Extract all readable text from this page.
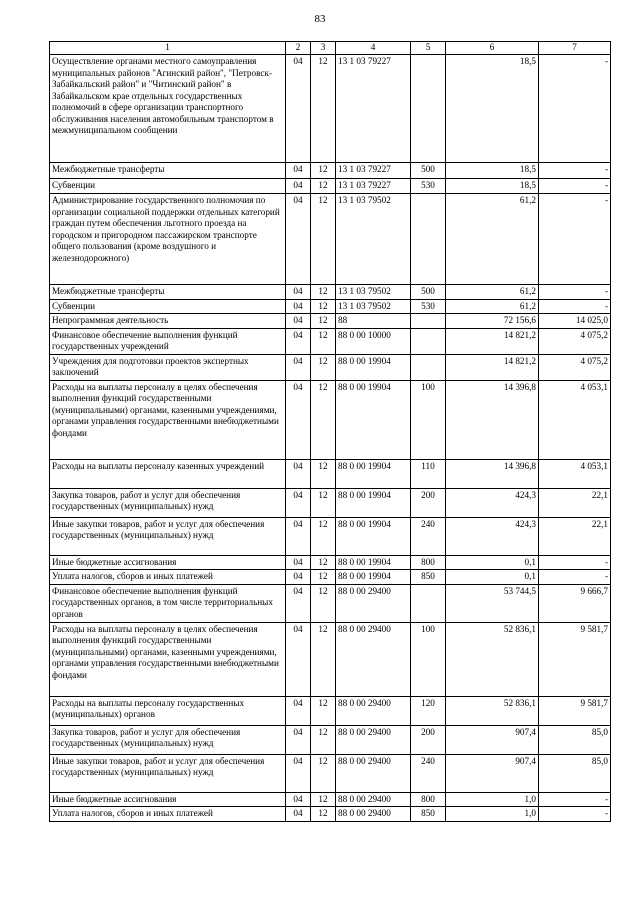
83
1	2	3	4	5	6	7
Осуществление органами местного самоуправления муниципальных районов "Агинский район", "Петровск-Забайкальский район" и "Читинский район" в Забайкальском крае отдельных государственных полномочий в сфере организации транспортного обслуживания населения автомобильным транспортом в межмуниципальном сообщении	04	12	13 1 03 79227		18,5	-
Межбюджетные трансферты	04	12	13 1 03 79227	500	18,5	-
Субвенции	04	12	13 1 03 79227	530	18,5	-
Администрирование государственного полномочия по организации социальной поддержки отдельных категорий граждан путем обеспечения льготного проезда на городском и пригородном пассажирском транспорте общего пользования (кроме воздушного и железнодорожного)	04	12	13 1 03 79502		61,2	-
Межбюджетные трансферты	04	12	13 1 03 79502	500	61,2	-
Субвенции	04	12	13 1 03 79502	530	61,2	-
Непрограммная деятельность	04	12	88		72 156,6	14 025,0
Финансовое обеспечение выполнения функций государственных учреждений	04	12	88 0 00 10000		14 821,2	4 075,2
Учреждения для подготовки проектов экспертных заключений	04	12	88 0 00 19904		14 821,2	4 075,2
Расходы на выплаты персоналу в целях обеспечения выполнения функций государственными (муниципальными) органами, казенными учреждениями, органами управления государственными внебюджетными фондами	04	12	88 0 00 19904	100	14 396,8	4 053,1
Расходы на выплаты персоналу казенных учреждений	04	12	88 0 00 19904	110	14 396,8	4 053,1
Закупка товаров, работ и услуг для обеспечения государственных (муниципальных) нужд	04	12	88 0 00 19904	200	424,3	22,1
Иные закупки товаров, работ и услуг для обеспечения государственных (муниципальных) нужд	04	12	88 0 00 19904	240	424,3	22,1
Иные бюджетные ассигнования	04	12	88 0 00 19904	800	0,1	-
Уплата налогов, сборов и иных платежей	04	12	88 0 00 19904	850	0,1	-
Финансовое обеспечение выполнения функций государственных органов, в том числе территориальных органов	04	12	88 0 00 29400		53 744,5	9 666,7
Расходы на выплаты персоналу в целях обеспечения выполнения функций государственными (муниципальными) органами, казенными учреждениями, органами управления государственными внебюджетными фондами	04	12	88 0 00 29400	100	52 836,1	9 581,7
Расходы на выплаты персоналу государственных (муниципальных) органов	04	12	88 0 00 29400	120	52 836,1	9 581,7
Закупка товаров, работ и услуг для обеспечения государственных (муниципальных) нужд	04	12	88 0 00 29400	200	907,4	85,0
Иные закупки товаров, работ и услуг для обеспечения государственных (муниципальных) нужд	04	12	88 0 00 29400	240	907,4	85,0
Иные бюджетные ассигнования	04	12	88 0 00 29400	800	1,0	-
Уплата налогов, сборов и иных платежей	04	12	88 0 00 29400	850	1,0	-
